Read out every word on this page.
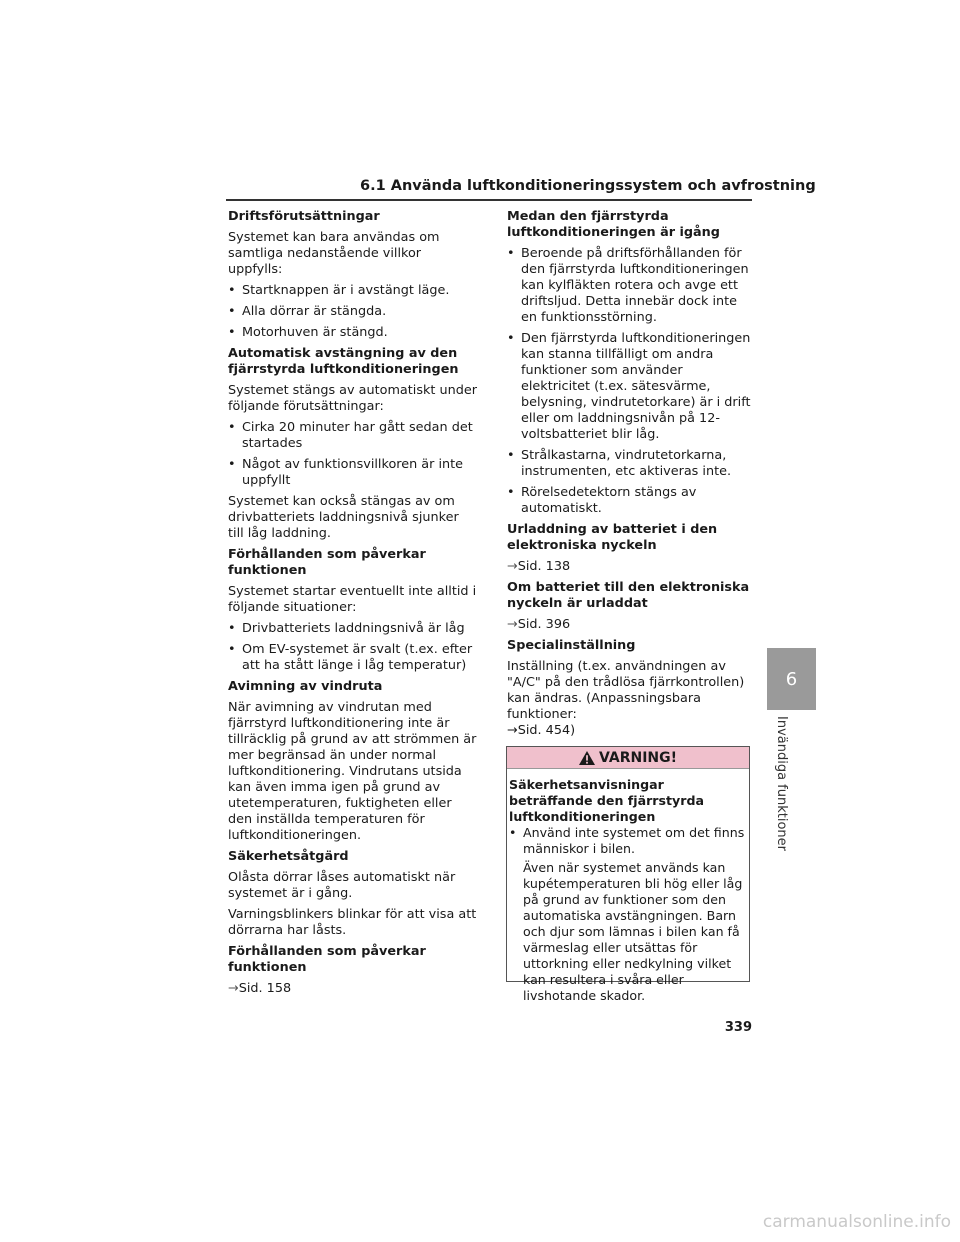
6.1 Använda luftkonditioneringssystem och avfrostning
Driftsförutsättningar
Systemet kan bara användas om samtliga nedanstående villkor uppfylls:
• Startknappen är i avstängt läge.
• Alla dörrar är stängda.
• Motorhuven är stängd.
Automatisk avstängning av den fjärrstyrda luftkonditioneringen
Systemet stängs av automatiskt under följande förutsättningar:
• Cirka 20 minuter har gått sedan det startades
• Något av funktionsvillkoren är inte uppfyllt
Systemet kan också stängas av om drivbatteriets laddningsnivå sjunker till låg laddning.
Förhållanden som påverkar funktionen
Systemet startar eventuellt inte alltid i följande situationer:
• Drivbatteriets laddningsnivå är låg
• Om EV-systemet är svalt (t.ex. efter att ha stått länge i låg temperatur)
Avimning av vindruta
När avimning av vindrutan med fjärrstyrd luftkonditionering inte är tillräcklig på grund av att strömmen är mer begränsad än under normal luftkonditionering. Vindrutans utsida kan även imma igen på grund av utetemperaturen, fuktigheten eller den inställda temperaturen för luftkonditioneringen.
Säkerhetsåtgärd
Olåsta dörrar låses automatiskt när systemet är i gång.
Varningsblinkers blinkar för att visa att dörrarna har låsts.
Förhållanden som påverkar funktionen
→Sid. 158
Medan den fjärrstyrda luftkonditioneringen är igång
• Beroende på driftsförhållanden för den fjärrstyrda luftkonditioneringen kan kylfläkten rotera och avge ett driftsljud. Detta innebär dock inte en funktionsstörning.
• Den fjärrstyrda luftkonditioneringen kan stanna tillfälligt om andra funktioner som använder elektricitet (t.ex. sätesvärme, belysning, vindrutetorkare) är i drift eller om laddningsnivån på 12-voltsbatteriet blir låg.
• Strålkastarna, vindrutetorkarna, instrumenten, etc aktiveras inte.
• Rörelsedetektorn stängs av automatiskt.
Urladdning av batteriet i den elektroniska nyckeln
→Sid. 138
Om batteriet till den elektroniska nyckeln är urladdat
→Sid. 396
Specialinställning
Inställning (t.ex. användningen av "A/C" på den trådlösa fjärrkontrollen) kan ändras. (Anpassningsbara funktioner:
→Sid. 454)
VARNING!
Säkerhetsanvisningar beträffande den fjärrstyrda luftkonditioneringen
• Använd inte systemet om det finns människor i bilen.
Även när systemet används kan kupétemperaturen bli hög eller låg på grund av funktioner som den automatiska avstängningen. Barn och djur som lämnas i bilen kan få värmeslag eller utsättas för uttorkning eller nedkylning vilket kan resultera i svåra eller livshotande skador.
6
Invändiga funktioner
339
carmanualsonline.info
